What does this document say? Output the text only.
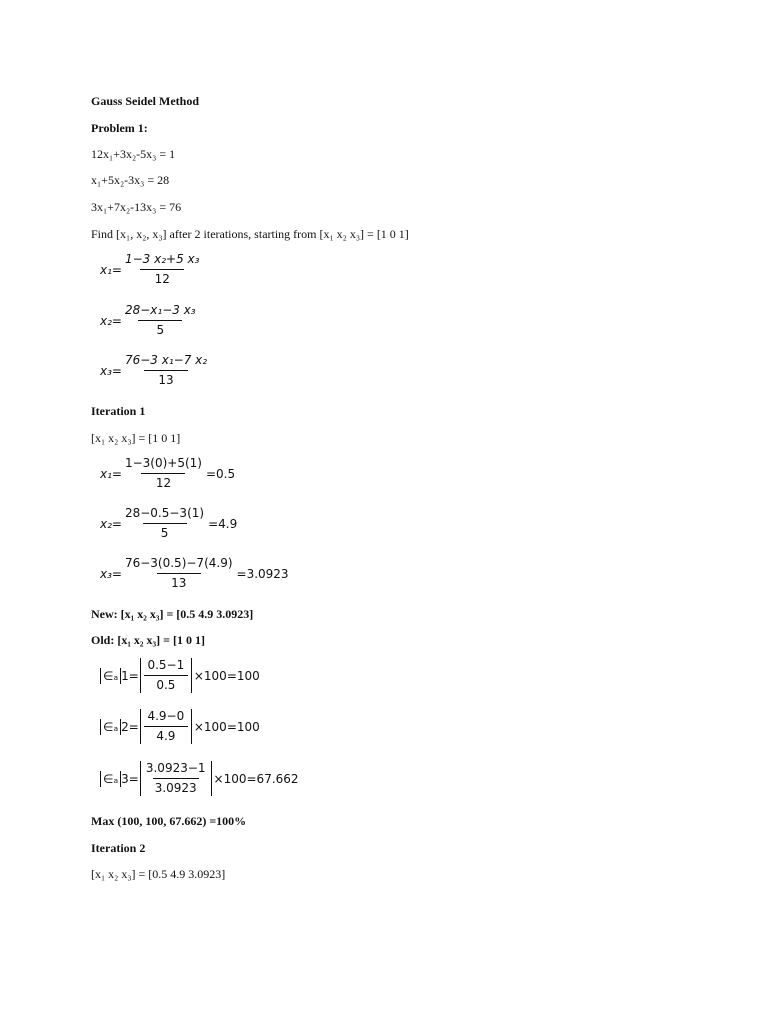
Gauss Seidel Method
Problem 1:
12x₁+3x₂-5x₃ = 1
x₁+5x₂-3x₃ = 28
3x₁+7x₂-13x₃ = 76
Find [x₁, x₂, x₃] after 2 iterations, starting from [x₁ x₂ x₃] = [1 0 1]
$x_1= \frac{\text{1−3 x₂+5 x₃}}{12}$
$x_2= \frac{\text{28−x₁−3 x₃}}{5}$
$x_3= \frac{\text{76−3 x₁−7 x₂}}{13}$
Iteration 1
[x₁ x₂ x₃] = [1 0 1]
$x_1= \frac{1-3(0)+5(1)}{12} =0.5$
$x_2= \frac{28-0.5-3(1)}{5} =4.9$
$x_3= \frac{76-3(0.5)-7(4.9)}{13} =3.0923$
New: [x₁ x₂ x₃] = [0.5 4.9 3.0923]
Old: [x₁ x₂ x₃] = [1 0 1]
∈ₐ $1= \frac{0.5-1}{0.5} \times 100=100$
∈ₐ $2= \frac{4.9-0}{4.9} \times 100=100$
∈ₐ $3= \frac{3.0923-1}{3.0923} \times 100=67.662$
Max (100, 100, 67.662) =100%
Iteration 2
[x₁ x₂ x₃] = [0.5 4.9 3.0923]
